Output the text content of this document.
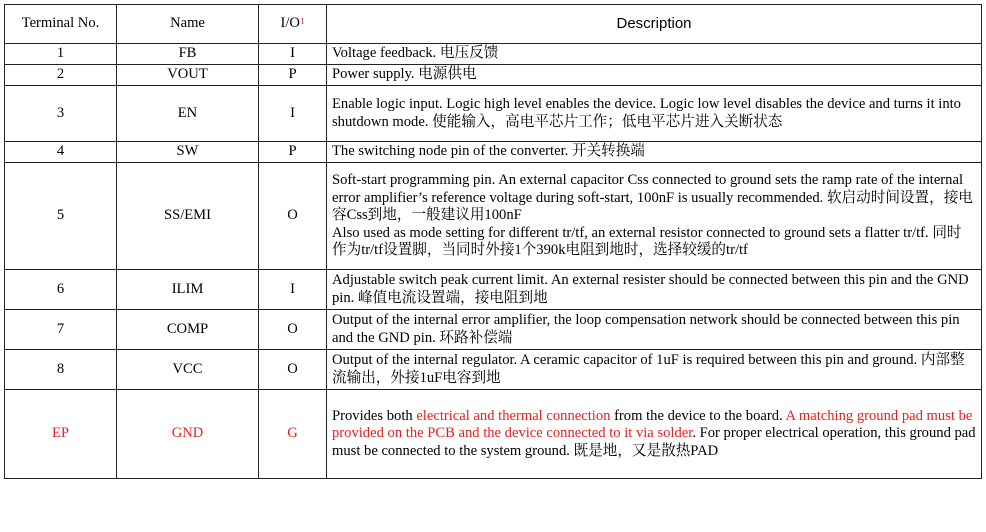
Terminal No.	Name	I/O$^1$	Description
1	FB	I	Voltage feedback. 电压反馈
2	VOUT	P	Power supply. 电源供电
3	EN	I	Enable logic input. Logic high level enables the device. Logic low level disables the device and turns it into shutdown mode. 使能输入，高电平芯片工作；低电平芯片进入关断状态
4	SW	P	The switching node pin of the converter. 开关转换端
5	SS/EMI	O	Soft-start programming pin. An external capacitor Css connected to ground sets the ramp rate of the internal error amplifier’s reference voltage during soft-start, 100nF is usually recommended. 软启动时间设置，接电容Css到地，一般建议用100nF
Also used as mode setting for different tr/tf, an external resistor connected to ground sets a flatter tr/tf. 同时作为tr/tf设置脚，当同时外接1个390k电阻到地时，选择较缓的tr/tf
6	ILIM	I	Adjustable switch peak current limit. An external resister should be connected between this pin and the GND pin. 峰值电流设置端，接电阻到地
7	COMP	O	Output of the internal error amplifier, the loop compensation network should be connected between this pin and the GND pin. 环路补偿端
8	VCC	O	Output of the internal regulator. A ceramic capacitor of 1uF is required between this pin and ground. 内部整流输出，外接1uF电容到地
EP	GND	G	Provides both electrical and thermal connection from the device to the board. A matching ground pad must be provided on the PCB and the device connected to it via solder. For proper electrical operation, this ground pad must be connected to the system ground. 既是地，又是散热PAD
